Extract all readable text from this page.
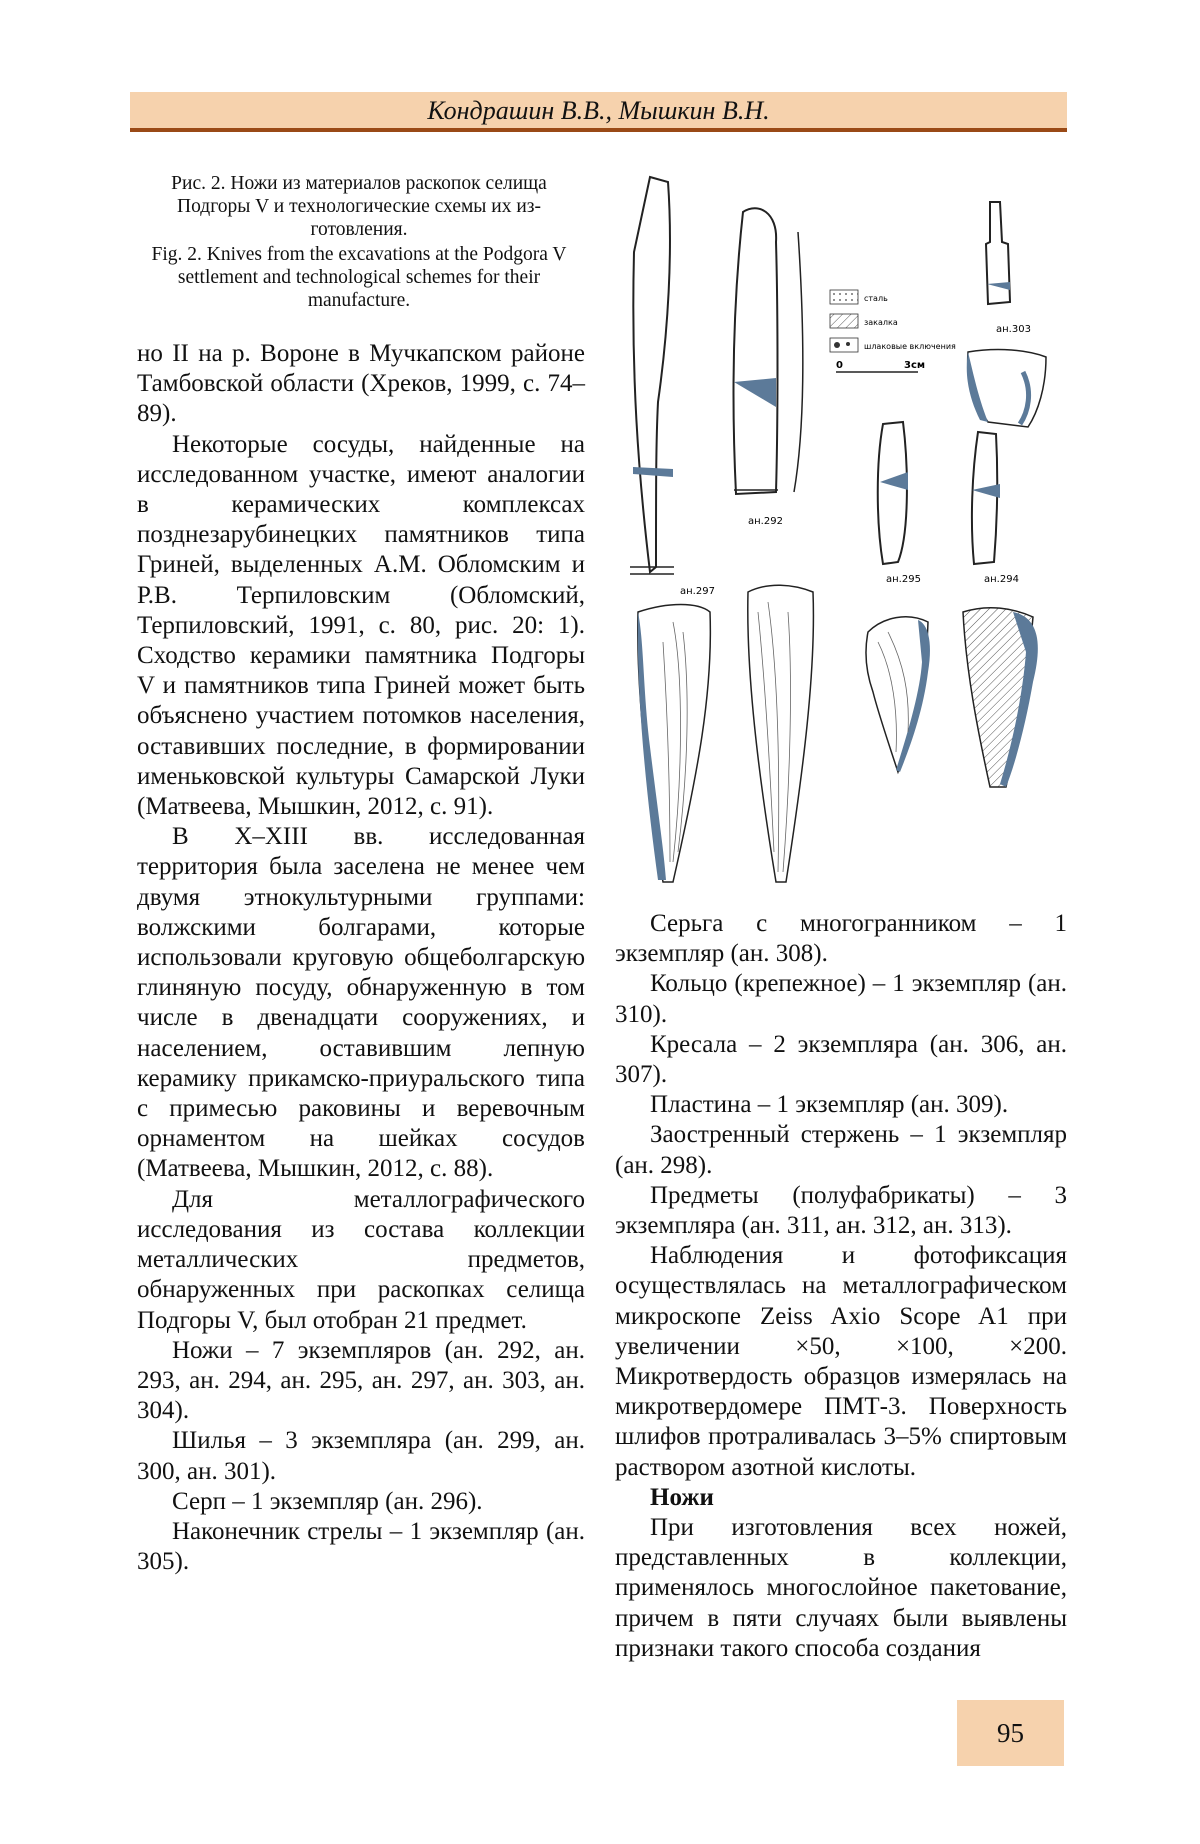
Кондрашин В.В., Мышкин В.Н.

Рис. 2. Ножи из материалов раскопок селища Подгоры V и технологические схемы их из­готовления.

Fig. 2. Knives from the excavations at the Podgora V settlement and technological schemes for their manufacture.

ан.297
ан.292
сталь
закалка
шлаковые включения
0	3см
ан.303
ан.295	ан.294

но II на р. Вороне в Мучкапском районе Тамбовской области (Хреков, 1999, с. 74–89).

Некоторые сосуды, найденные на исследованном участке, имеют аналогии в керамических комплексах позднезарубинецких памятников типа Гриней, выделенных А.М. Обломским и Р.В. Терпиловским (Обломский, Терпиловский, 1991, с. 80, рис. 20: 1). Сходство керамики памятника Подгоры V и памятников типа Гриней может быть объяснено участием потомков населения, оставивших последние, в формировании именьковской культуры Самарской Луки (Матвеева, Мышкин, 2012, с. 91).

В X–XIII вв. исследованная территория была заселена не менее чем двумя этнокультурными группами: волжскими болгарами, которые использовали круговую общеболгарскую глиняную посуду, обнаруженную в том числе в двенадцати сооружениях, и населением, оставившим лепную керамику прикамско-приуральского типа с примесью раковины и веревочным орнаментом на шейках сосудов (Матвеева, Мышкин, 2012, с. 88).

Для металлографического исследования из состава коллекции металлических предметов, обнаруженных при раскопках селища Подгоры V, был отобран 21 предмет.

Ножи – 7 экземпляров (ан. 292, ан. 293, ан. 294, ан. 295, ан. 297, ан. 303, ан. 304).

Шилья – 3 экземпляра (ан. 299, ан. 300, ан. 301).

Серп – 1 экземпляр (ан. 296).

Наконечник стрелы – 1 экземпляр (ан. 305).

Серьга с многогранником – 1 экземпляр (ан. 308).

Кольцо (крепежное) – 1 экземпляр (ан. 310).

Кресала – 2 экземпляра (ан. 306, ан. 307).

Пластина – 1 экземпляр (ан. 309).

Заостренный стержень – 1 экземпляр (ан. 298).

Предметы (полуфабрикаты) – 3 экземпляра (ан. 311, ан. 312, ан. 313).

Наблюдения и фотофиксация осуществлялась на металлографическом микроскопе Zeiss Axio Scope A1 при увеличении ×50, ×100, ×200. Микротвердость образцов измерялась на микротвердомере ПМТ-3. Поверхность шлифов протраливалась 3–5% спиртовым раствором азотной кислоты.

Ножи

При изготовления всех ножей, представленных в коллекции, применялось многослойное пакетование, причем в пяти случаях были выявлены признаки такого способа создания

95
